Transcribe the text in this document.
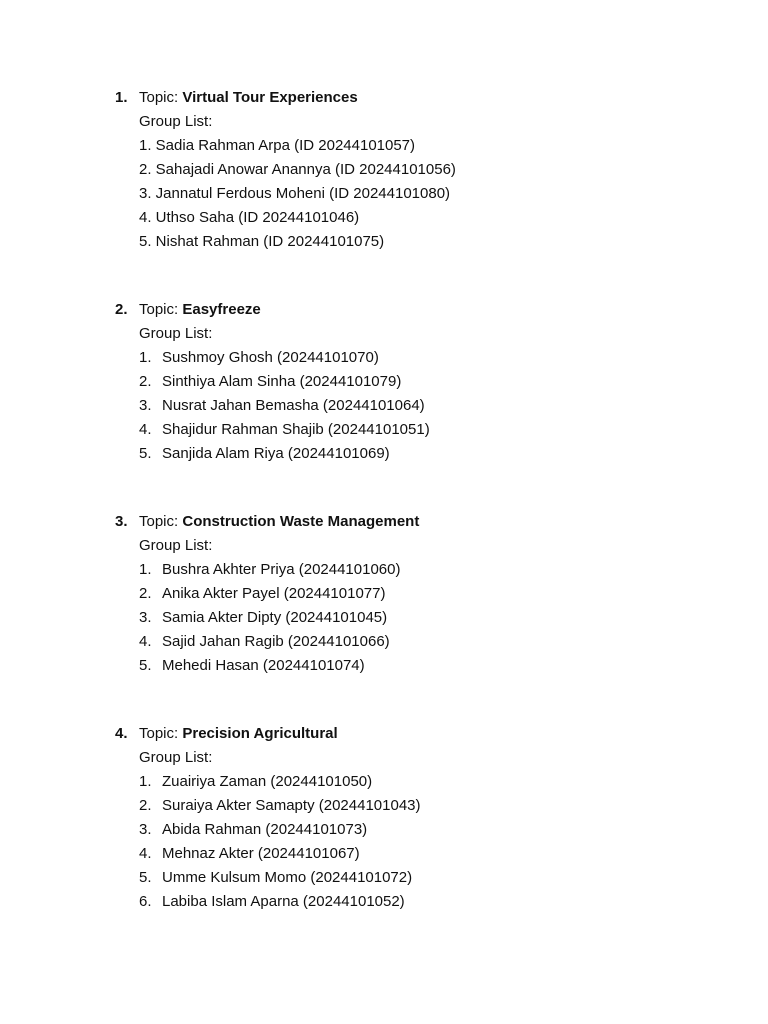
1. Topic: Virtual Tour Experiences
Group List:
1. Sadia Rahman Arpa (ID 20244101057)
2. Sahajadi Anowar Anannya (ID 20244101056)
3. Jannatul Ferdous Moheni (ID 20244101080)
4. Uthso Saha (ID 20244101046)
5. Nishat Rahman (ID 20244101075)
2. Topic: Easyfreeze
Group List:
1. Sushmoy Ghosh (20244101070)
2. Sinthiya Alam Sinha (20244101079)
3. Nusrat Jahan Bemasha (20244101064)
4. Shajidur Rahman Shajib (20244101051)
5. Sanjida Alam Riya (20244101069)
3. Topic: Construction Waste Management
Group List:
1. Bushra Akhter Priya (20244101060)
2. Anika Akter Payel (20244101077)
3. Samia Akter Dipty (20244101045)
4. Sajid Jahan Ragib (20244101066)
5. Mehedi Hasan (20244101074)
4. Topic: Precision Agricultural
Group List:
1. Zuairiya Zaman (20244101050)
2. Suraiya Akter Samapty (20244101043)
3. Abida Rahman (20244101073)
4. Mehnaz Akter (20244101067)
5. Umme Kulsum Momo (20244101072)
6. Labiba Islam Aparna (20244101052)
